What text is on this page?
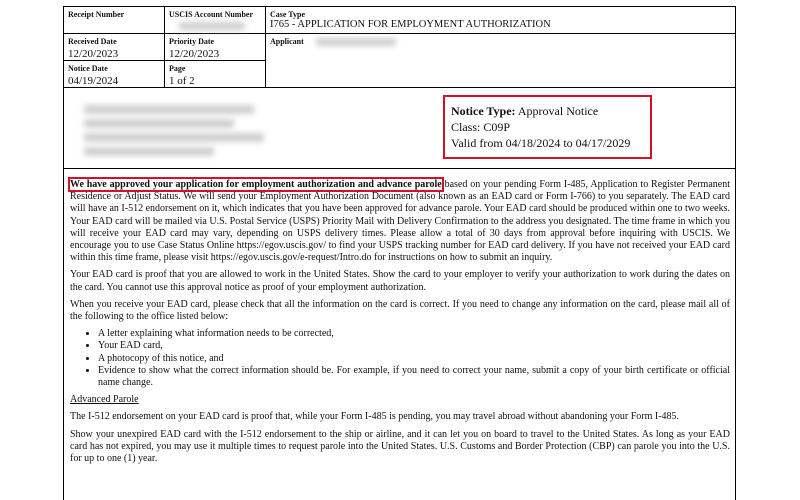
Receipt Number	USCIS Account Number Case Type
I765 - APPLICATION FOR EMPLOYMENT AUTHORIZATION
Received Date
12/20/2023
Priority Date
12/20/2023
Applicant
Notice Date
04/19/2024
Page
1 of 2
Notice Type: Approval Notice
Class: C09P
Valid from 04/18/2024 to 04/17/2029

We have approved your application for employment authorization and advance parole based on your pending Form I-485, Application to Register Permanent Residence or Adjust Status. We will send your Employment Authorization Document (also known as an EAD card or Form I-766) to you separately. The EAD card will have an I-512 endorsement on it, which indicates that you have been approved for advance parole. Your EAD card should be produced within one to two weeks. Your EAD card will be mailed via U.S. Postal Service (USPS) Priority Mail with Delivery Confirmation to the address you designated. The time frame in which you will receive your EAD card may vary, depending on USPS delivery times. Please allow a total of 30 days from approval before inquiring with USCIS. We encourage you to use Case Status Online https://egov.uscis.gov/ to find your USPS tracking number for EAD card delivery. If you have not received your EAD card within this time frame, please visit https://egov.uscis.gov/e-request/Intro.do for instructions on how to submit an inquiry.

Your EAD card is proof that you are allowed to work in the United States. Show the card to your employer to verify your authorization to work during the dates on the card. You cannot use this approval notice as proof of your employment authorization.

When you receive your EAD card, please check that all the information on the card is correct. If you need to change any information on the card, please mail all of the following to the office listed below:

• A letter explaining what information needs to be corrected,
• Your EAD card,
• A photocopy of this notice, and
• Evidence to show what the correct information should be. For example, if you need to correct your name, submit a copy of your birth certificate or official name change.

Advanced Parole

The I-512 endorsement on your EAD card is proof that, while your Form I-485 is pending, you may travel abroad without abandoning your Form I-485.

Show your unexpired EAD card with the I-512 endorsement to the ship or airline, and it can let you on board to travel to the United States. As long as your EAD card has not expired, you may use it multiple times to request parole into the United States. U.S. Customs and Border Protection (CBP) can parole you into the U.S. for up to one (1) year.
